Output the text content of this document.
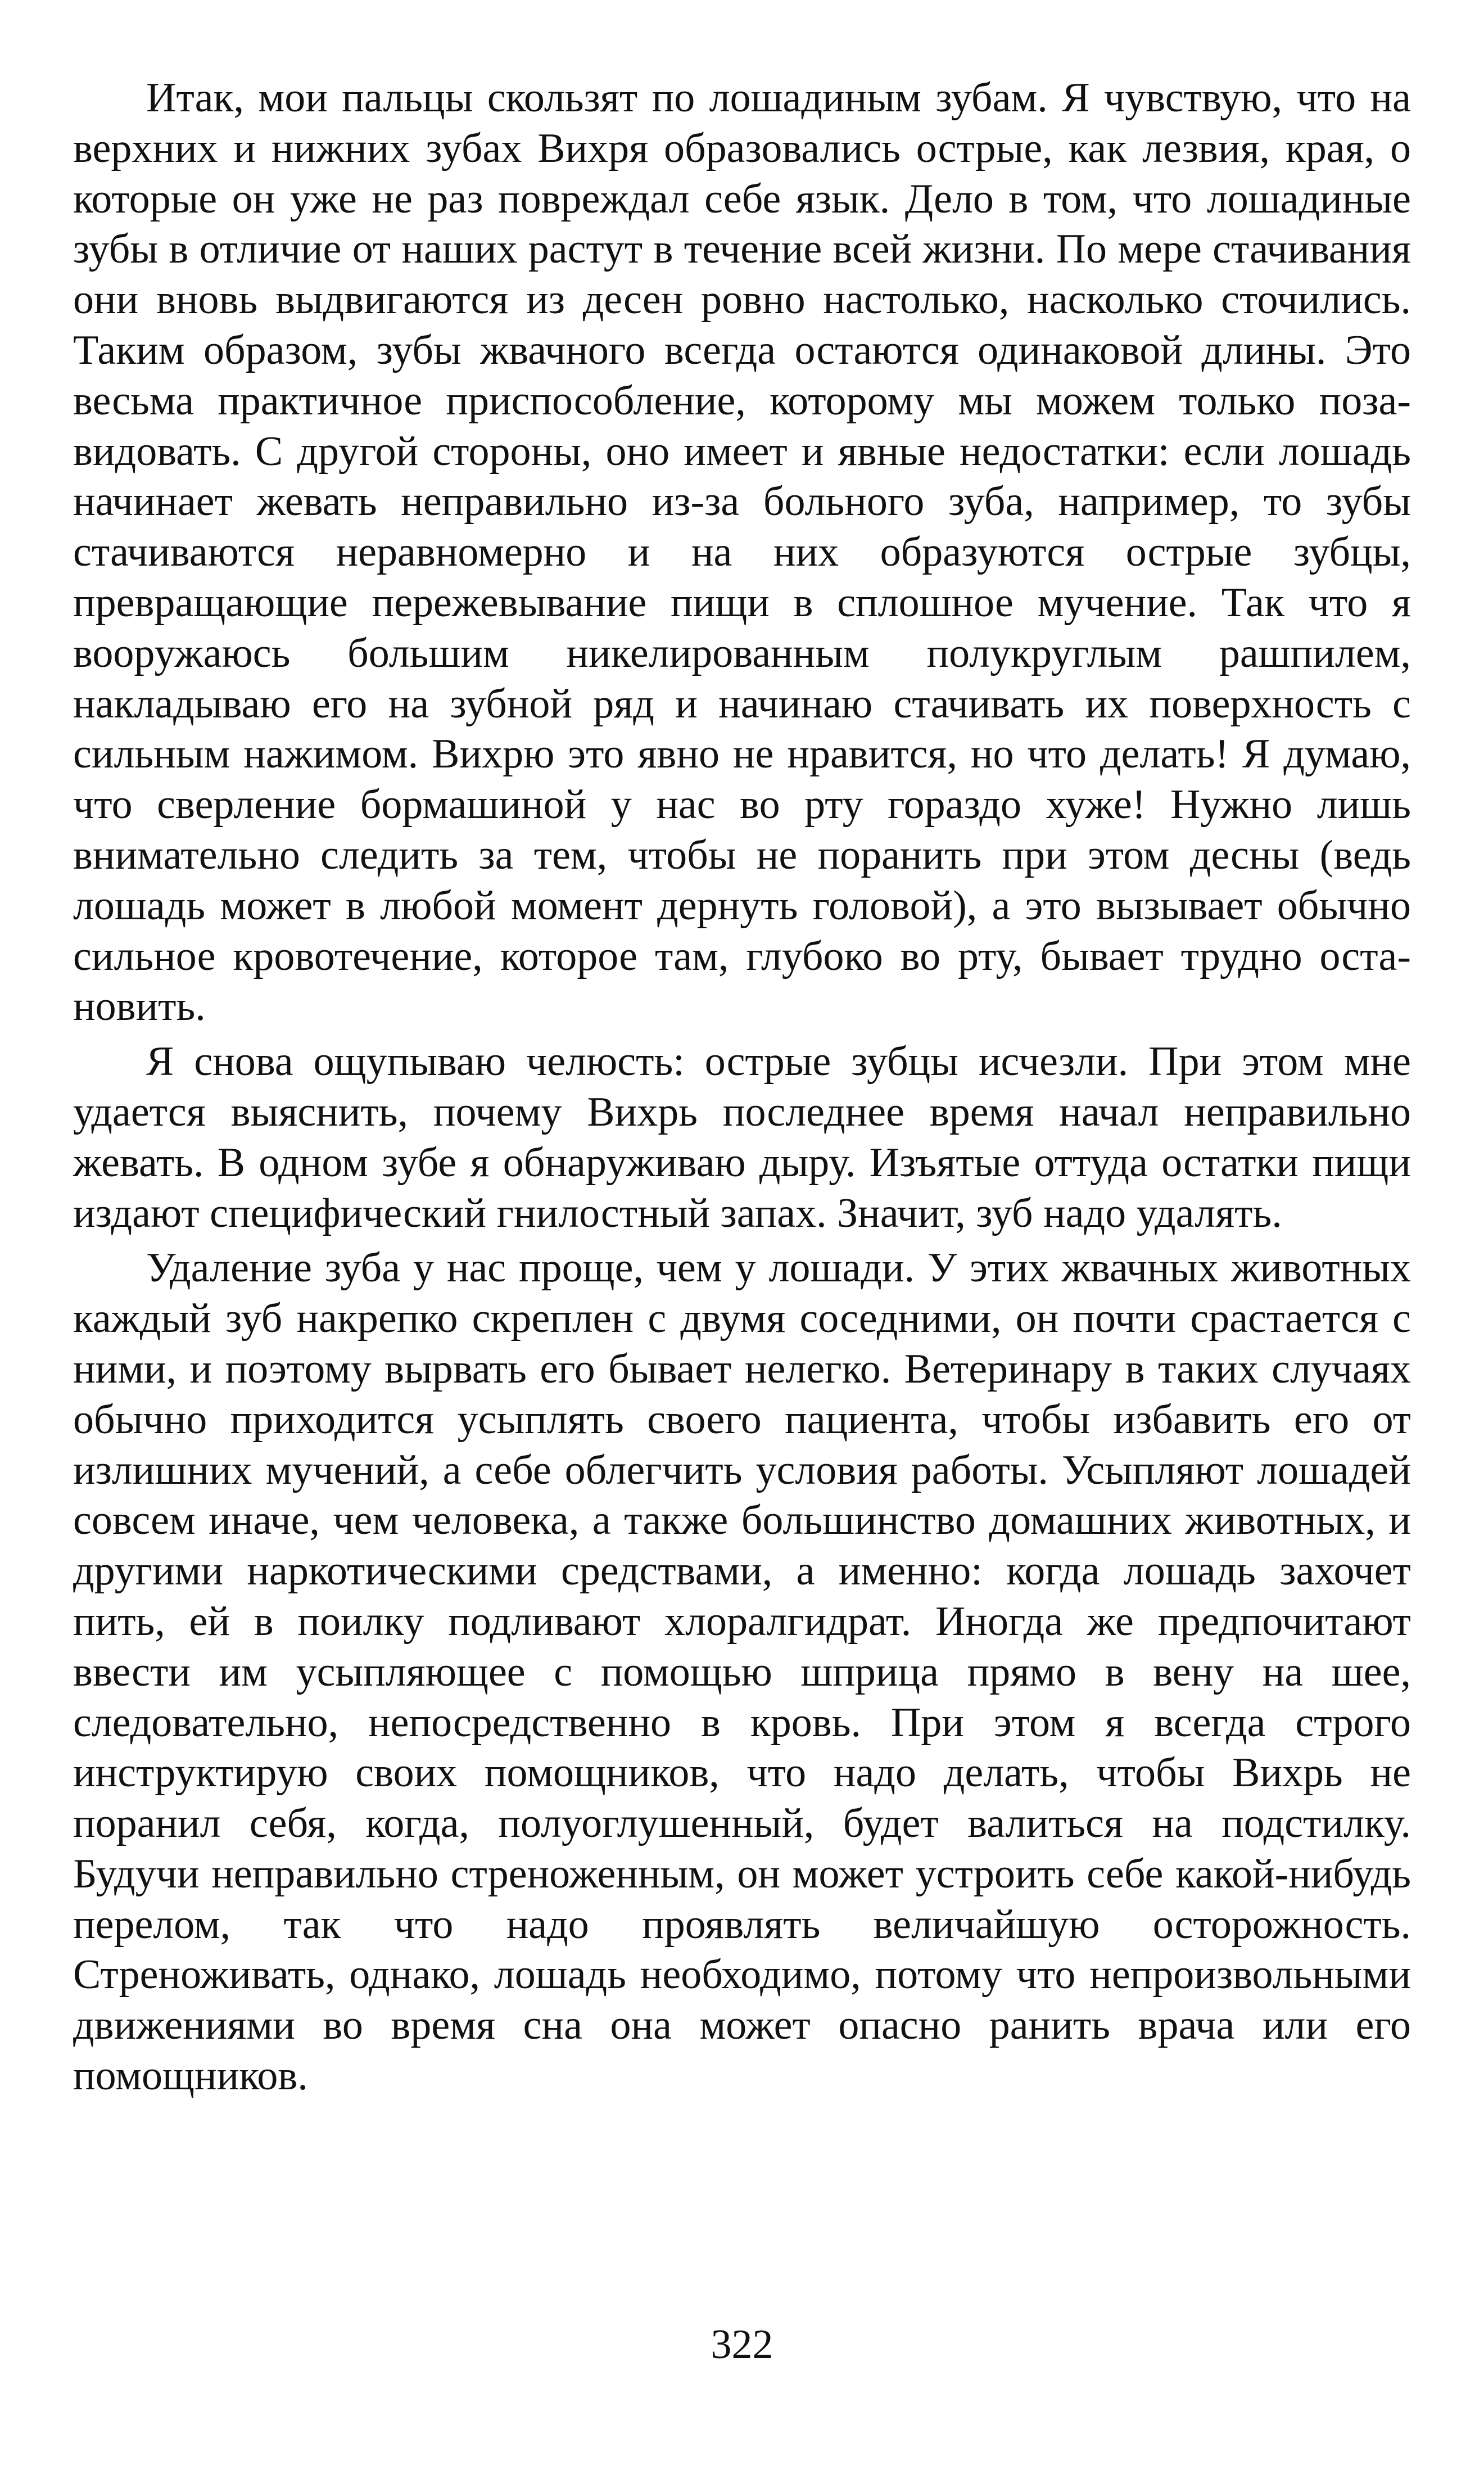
Итак, мои пальцы скользят по лошадиным зубам. Я чувствую, что на верхних и нижних зубах Вихря образовались острые, как лезвия, края, о которые он уже не раз повреждал себе язык. Дело в том, что лошадиные зубы в отличие от наших растут в течение всей жизни. По мере стачивания они вновь выдвигаются из десен ровно настолько, насколько сточились. Таким образом, зубы жвачного всегда остаются одинаковой длины. Это весьма практичное приспособление, которому мы можем только позавидовать. С другой стороны, оно имеет и явные недостатки: если лошадь начинает жевать неправильно из-за больного зуба, например, то зубы стачиваются неравномерно и на них образуются острые зубцы, превращающие пережевывание пищи в сплошное мучение. Так что я вооружаюсь большим никелированным полукруглым рашпилем, накладываю его на зубной ряд и начинаю стачивать их поверхность с сильным нажимом. Вихрю это явно не нравится, но что делать! Я думаю, что сверление бормашиной у нас во рту гораздо хуже! Нужно лишь внимательно следить за тем, чтобы не поранить при этом десны (ведь лошадь может в любой момент дернуть головой), а это вызывает обычно сильное кровотечение, которое там, глубоко во рту, бывает трудно остановить.

Я снова ощупываю челюсть: острые зубцы исчезли. При этом мне удается выяснить, почему Вихрь последнее время начал неправильно жевать. В одном зубе я обнаруживаю дыру. Изъятые оттуда остатки пищи издают специфический гнилостный запах. Значит, зуб надо удалять.

Удаление зуба у нас проще, чем у лошади. У этих жвачных животных каждый зуб накрепко скреплен с двумя соседними, он почти срастается с ними, и поэтому вырвать его бывает нелегко. Ветеринару в таких случаях обычно приходится усыплять своего пациента, чтобы избавить его от излишних мучений, а себе облегчить условия работы. Усыпляют лошадей совсем иначе, чем человека, а также большинство домашних животных, и другими наркотическими средствами, а именно: когда лошадь захочет пить, ей в поилку подливают хлоралгидрат. Иногда же предпочитают ввести им усыпляющее с помощью шприца прямо в вену на шее, следовательно, непосредственно в кровь. При этом я всегда строго инструктирую своих помощников, что надо делать, чтобы Вихрь не поранил себя, когда, полуоглушенный, будет валиться на подстилку. Будучи неправильно стреноженным, он может устроить себе какой-нибудь перелом, так что надо проявлять величайшую осторожность. Стреноживать, однако, лошадь необходимо, потому что непроизвольными движениями во время сна она может опасно ранить врача или его помощников.

322
